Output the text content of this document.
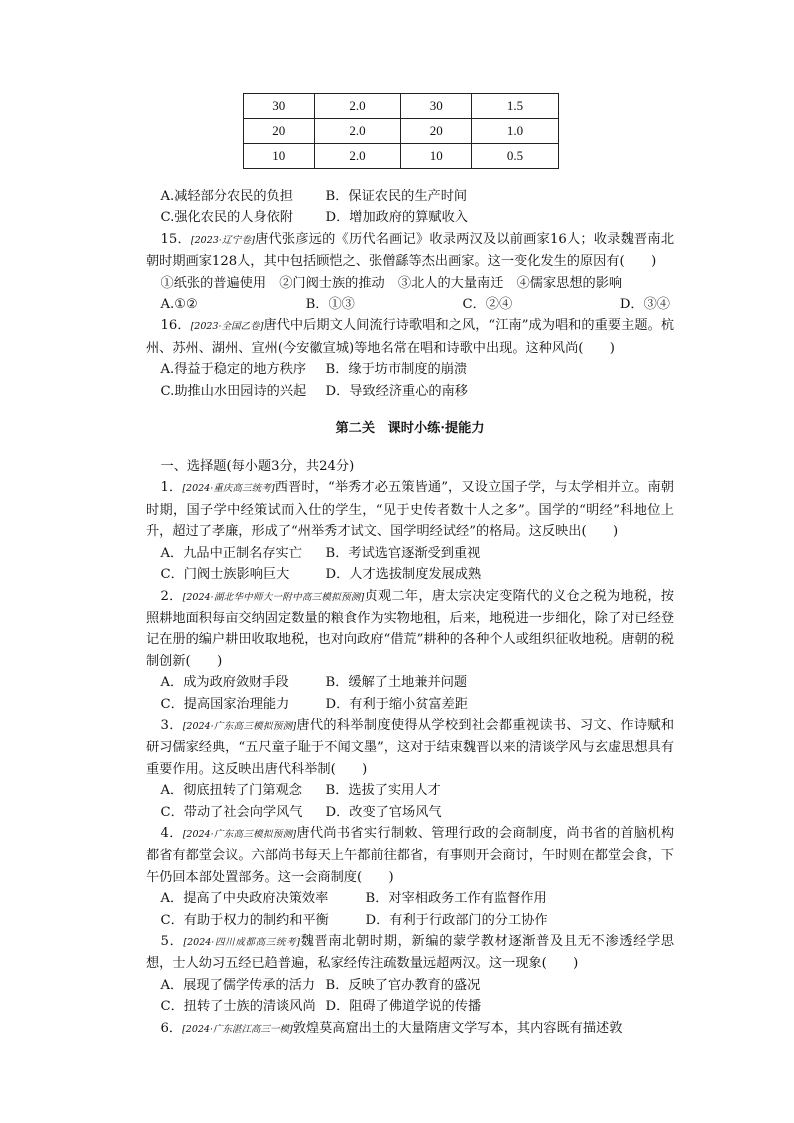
30	2.0	30	1.5
20	2.0	20	1.0
10	2.0	10	0.5
A.减轻部分农民的负担	B．保证农民的生产时间
C.强化农民的人身依附	D．增加政府的算赋收入
15．[2023·辽宁卷]唐代张彦远的《历代名画记》收录两汉及以前画家16人；收录魏晋南北朝时期画家128人，其中包括顾恺之、张僧繇等杰出画家。这一变化发生的原因有(　　)
①纸张的普遍使用　②门阀士族的推动　③北人的大量南迁　④儒家思想的影响
A.①②	B．①③	C．②④	D．③④
16．[2023·全国乙卷]唐代中后期文人间流行诗歌唱和之风，“江南”成为唱和的重要主题。杭州、苏州、湖州、宣州(今安徽宣城)等地名常在唱和诗歌中出现。这种风尚(　　)
A.得益于稳定的地方秩序	B．缘于坊市制度的崩溃
C.助推山水田园诗的兴起	D．导致经济重心的南移
第二关 课时小练·提能力
一、选择题(每小题3分，共24分)
1．[2024·重庆高三统考]西晋时，“举秀才必五策皆通”，又设立国子学，与太学相并立。南朝时期，国子学中经策试而入仕的学生，“见于史传者数十人之多”。国学的“明经”科地位上升，超过了孝廉，形成了“州举秀才试文、国学明经试经”的格局。这反映出(　　)
A．九品中正制名存实亡	B．考试选官逐渐受到重视
C．门阀士族影响巨大	D．人才选拔制度发展成熟
2．[2024·湖北华中师大一附中高三模拟预测]贞观二年，唐太宗决定变隋代的义仓之税为地税，按照耕地面积每亩交纳固定数量的粮食作为实物地租，后来，地税进一步细化，除了对已经登记在册的编户耕田收取地税，也对向政府“借荒”耕种的各种个人或组织征收地税。唐朝的税制创新(　　)
A．成为政府敛财手段	B．缓解了土地兼并问题
C．提高国家治理能力	D．有利于缩小贫富差距
3．[2024·广东高三模拟预测]唐代的科举制度使得从学校到社会都重视读书、习文、作诗赋和研习儒家经典，“五尺童子耻于不闻文墨”，这对于结束魏晋以来的清谈学风与玄虚思想具有重要作用。这反映出唐代科举制(　　)
A．彻底扭转了门第观念	B．选拔了实用人才
C．带动了社会向学风气	D．改变了官场风气
4．[2024·广东高三模拟预测]唐代尚书省实行制敕、管理行政的会商制度，尚书省的首脑机构都省有都堂会议。六部尚书每天上午都前往都省，有事则开会商讨，午时则在都堂会食，下午仍回本部处置部务。这一会商制度(　　)
A．提高了中央政府决策效率	B．对宰相政务工作有监督作用
C．有助于权力的制约和平衡	D．有利于行政部门的分工协作
5．[2024·四川成都高三统考]魏晋南北朝时期，新编的蒙学教材逐渐普及且无不渗透经学思想，士人幼习五经已趋普遍，私家经传注疏数量远超两汉。这一现象(　　)
A．展现了儒学传承的活力 B．反映了官办教育的盛况
C．扭转了士族的清谈风尚 D．阻碍了佛道学说的传播
6．[2024·广东湛江高三一模]敦煌莫高窟出土的大量隋唐文学写本，其内容既有描述敦
